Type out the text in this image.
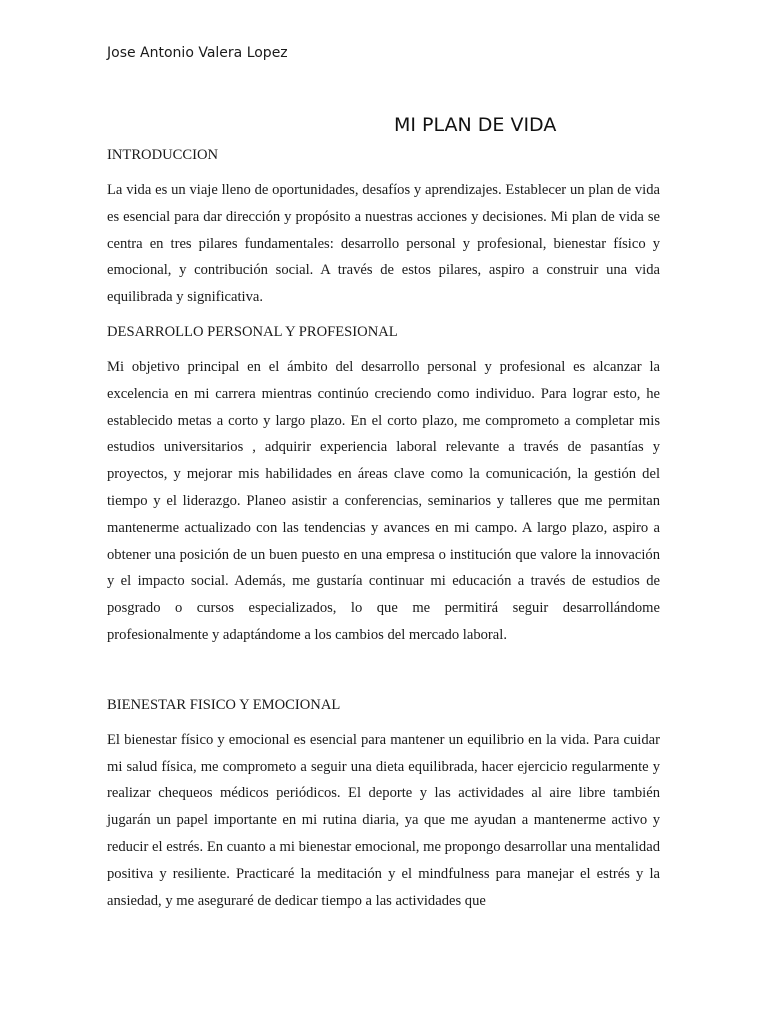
Jose Antonio Valera Lopez
MI PLAN DE VIDA

INTRODUCCION

La vida es un viaje lleno de oportunidades, desafíos y aprendizajes. Establecer un plan de vida es esencial para dar dirección y propósito a nuestras acciones y decisiones. Mi plan de vida se centra en tres pilares fundamentales: desarrollo personal y profesional, bienestar físico y emocional, y contribución social. A través de estos pilares, aspiro a construir una vida equilibrada y significativa.

DESARROLLO PERSONAL Y PROFESIONAL

Mi objetivo principal en el ámbito del desarrollo personal y profesional es alcanzar la excelencia en mi carrera mientras continúo creciendo como individuo. Para lograr esto, he establecido metas a corto y largo plazo. En el corto plazo, me comprometo a completar mis estudios universitarios , adquirir experiencia laboral relevante a través de pasantías y proyectos, y mejorar mis habilidades en áreas clave como la comunicación, la gestión del tiempo y el liderazgo. Planeo asistir a conferencias, seminarios y talleres que me permitan mantenerme actualizado con las tendencias y avances en mi campo. A largo plazo, aspiro a obtener una posición de un buen puesto en una empresa o institución que valore la innovación y el impacto social. Además, me gustaría continuar mi educación a través de estudios de posgrado o cursos especializados, lo que me permitirá seguir desarrollándome profesionalmente y adaptándome a los cambios del mercado laboral.

BIENESTAR FISICO Y EMOCIONAL

El bienestar físico y emocional es esencial para mantener un equilibrio en la vida. Para cuidar mi salud física, me comprometo a seguir una dieta equilibrada, hacer ejercicio regularmente y realizar chequeos médicos periódicos. El deporte y las actividades al aire libre también jugarán un papel importante en mi rutina diaria, ya que me ayudan a mantenerme activo y reducir el estrés. En cuanto a mi bienestar emocional, me propongo desarrollar una mentalidad positiva y resiliente. Practicaré la meditación y el mindfulness para manejar el estrés y la ansiedad, y me aseguraré de dedicar tiempo a las actividades que
